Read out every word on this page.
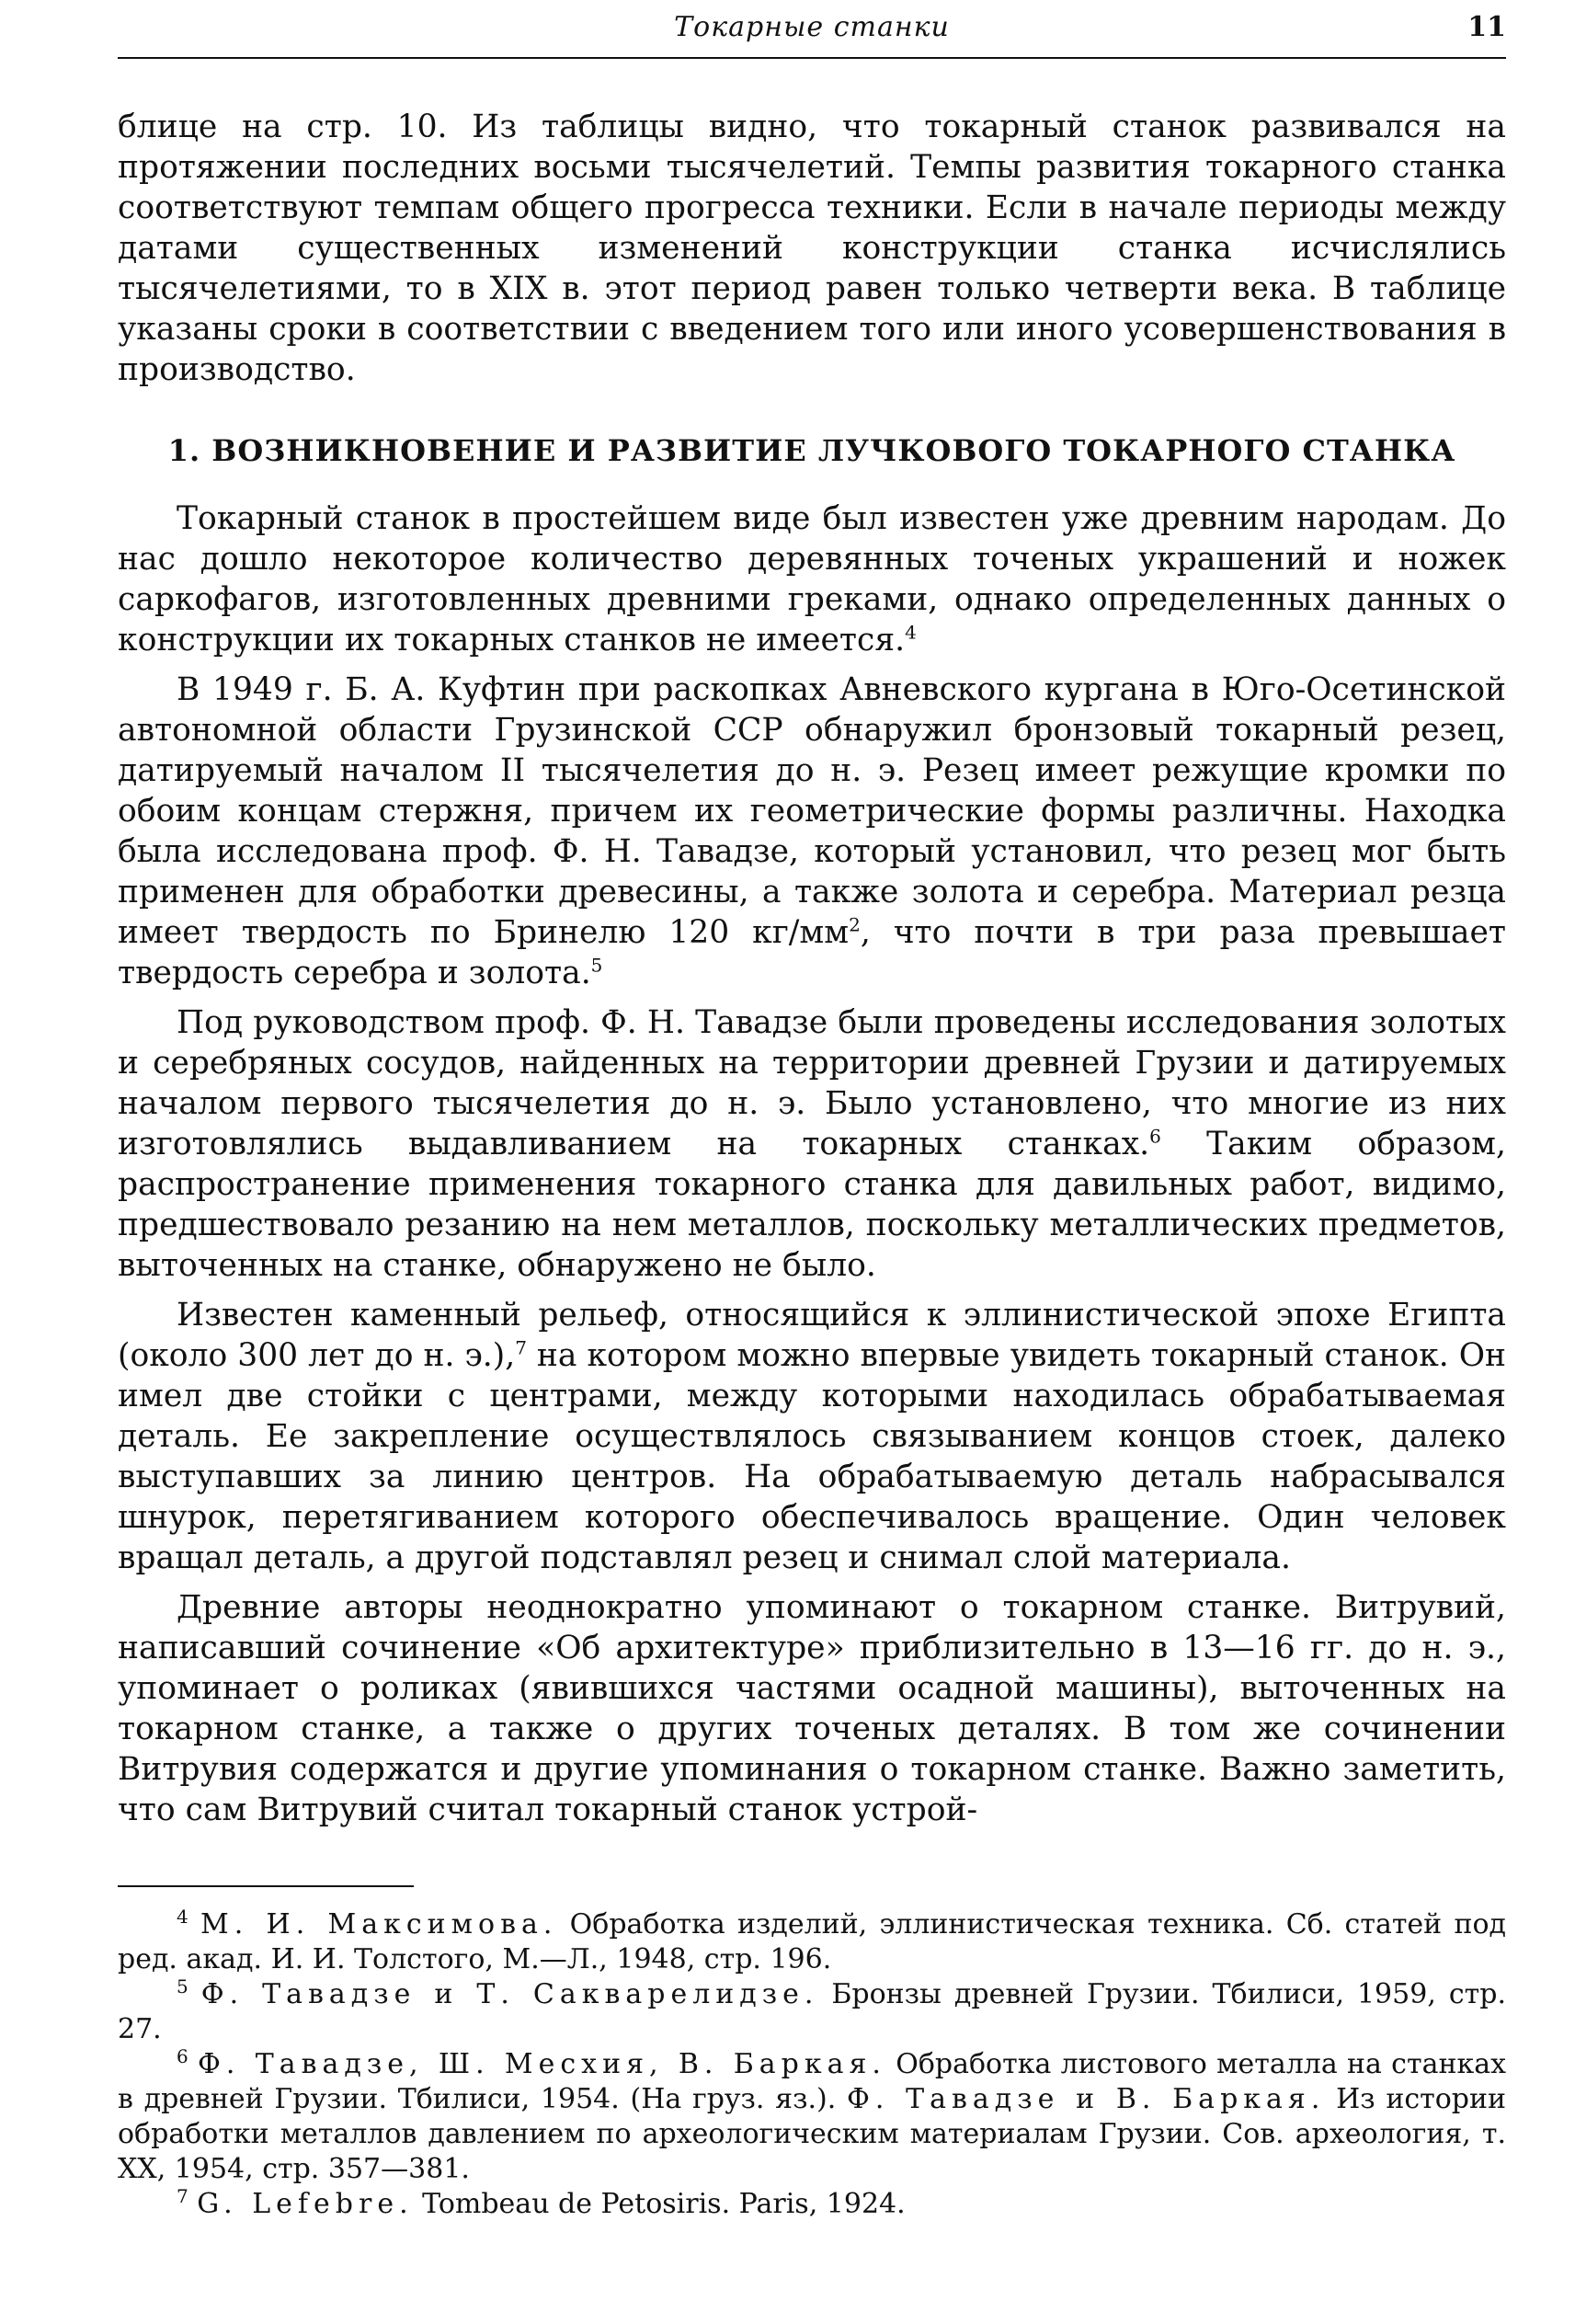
Токарные станки	11

блице на стр. 10. Из таблицы видно, что токарный станок развивался на протяжении последних восьми тысячелетий. Темпы развития токарного станка соответствуют темпам общего прогресса техники. Если в начале периоды между датами существенных изменений конструкции станка исчислялись тысячелетиями, то в XIX в. этот период равен только четверти века. В таблице указаны сроки в соответствии с введением того или иного усовершенствования в производство.

1. ВОЗНИКНОВЕНИЕ И РАЗВИТИЕ ЛУЧКОВОГО ТОКАРНОГО СТАНКА

Токарный станок в простейшем виде был известен уже древним народам. До нас дошло некоторое количество деревянных точеных украшений и ножек саркофагов, изготовленных древними греками, однако определенных данных о конструкции их токарных станков не имеется.$^4$

В 1949 г. Б. А. Куфтин при раскопках Авневского кургана в Юго-Осетинской автономной области Грузинской ССР обнаружил бронзовый токарный резец, датируемый началом II тысячелетия до н. э. Резец имеет режущие кромки по обоим концам стержня, причем их геометрические формы различны. Находка была исследована проф. Ф. Н. Тавадзе, который установил, что резец мог быть применен для обработки древесины, а также золота и серебра. Материал резца имеет твердость по Бринелю 120 $кг/мм^2$, что почти в три раза превышает твердость серебра и золота.$^5$

Под руководством проф. Ф. Н. Тавадзе были проведены исследования золотых и серебряных сосудов, найденных на территории древней Грузии и датируемых началом первого тысячелетия до н. э. Было установлено, что многие из них изготовлялись выдавливанием на токарных станках.$^6$ Таким образом, распространение применения токарного станка для давильных работ, видимо, предшествовало резанию на нем металлов, поскольку металлических предметов, выточенных на станке, обнаружено не было.

Известен каменный рельеф, относящийся к эллинистической эпохе Египта (около 300 лет до н. э.),$^7$ на котором можно впервые увидеть токарный станок. Он имел две стойки с центрами, между которыми находилась обрабатываемая деталь. Ее закрепление осуществлялось связыванием концов стоек, далеко выступавших за линию центров. На обрабатываемую деталь набрасывался шнурок, перетягиванием которого обеспечивалось вращение. Один человек вращал деталь, а другой подставлял резец и снимал слой материала.

Древние авторы неоднократно упоминают о токарном станке. Витрувий, написавший сочинение «Об архитектуре» приблизительно в 13—16 гг. до н. э., упоминает о роликах (явившихся частями осадной машины), выточенных на токарном станке, а также о других точеных деталях. В том же сочинении Витрувия содержатся и другие упоминания о токарном станке. Важно заметить, что сам Витрувий считал токарный станок устрой-

$^4$ М. И. Максимова. Обработка изделий, эллинистическая техника. Сб. статей под ред. акад. И. И. Толстого, М.—Л., 1948, стр. 196.

$^5$ Ф. Тавадзе и Т. Сакварелидзе. Бронзы древней Грузии. Тбилиси, 1959, стр. 27.

$^6$ Ф. Тавадзе, Ш. Месхия, В. Баркая. Обработка листового металла на станках в древней Грузии. Тбилиси, 1954. (На груз. яз.). Ф. Тавадзе и В. Баркая. Из истории обработки металлов давлением по археологическим материалам Грузии. Сов. археология, т. XX, 1954, стр. 357—381.

$^7$ G. Lefebre. Tombeau de Petosiris. Paris, 1924.
